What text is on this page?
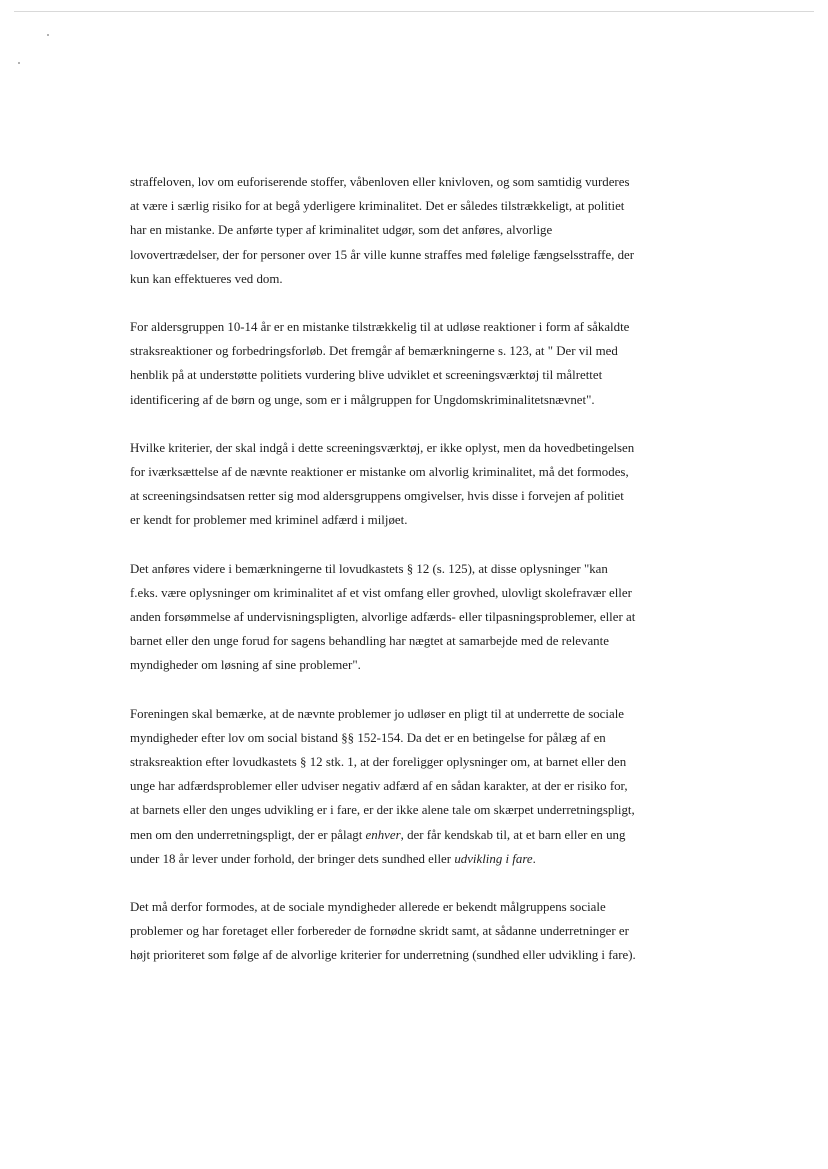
straffeloven, lov om euforiserende stoffer, våbenloven eller knivloven, og som samtidig vurderes
at være i særlig risiko for at begå yderligere kriminalitet. Det er således tilstrækkeligt, at politiet
har en mistanke. De anførte typer af kriminalitet udgør, som det anføres, alvorlige
lovovertrædelser, der for personer over 15 år ville kunne straffes med følelige fængselsstraffe, der
kun kan effektueres ved dom.

For aldersgruppen 10-14 år er en mistanke tilstrækkelig til at udløse reaktioner i form af såkaldte
straksreaktioner og forbedringsforløb. Det fremgår af bemærkningerne s. 123, at " Der vil med
henblik på at understøtte politiets vurdering blive udviklet et screeningsværktøj til målrettet
identificering af de børn og unge, som er i målgruppen for Ungdomskriminalitetsnævnet".

Hvilke kriterier, der skal indgå i dette screeningsværktøj, er ikke oplyst, men da hovedbetingelsen
for iværksættelse af de nævnte reaktioner er mistanke om alvorlig kriminalitet, må det formodes,
at screeningsindsatsen retter sig mod aldersgruppens omgivelser, hvis disse i forvejen af politiet
er kendt for problemer med kriminel adfærd i miljøet.

Det anføres videre i bemærkningerne til lovudkastets § 12 (s. 125), at disse oplysninger "kan
f.eks. være oplysninger om kriminalitet af et vist omfang eller grovhed, ulovligt skolefravær eller
anden forsømmelse af undervisningspligten, alvorlige adfærds- eller tilpasningsproblemer, eller at
barnet eller den unge forud for sagens behandling har nægtet at samarbejde med de relevante
myndigheder om løsning af sine problemer".

Foreningen skal bemærke, at de nævnte problemer jo udløser en pligt til at underrette de sociale
myndigheder efter lov om social bistand §§ 152-154. Da det er en betingelse for pålæg af en
straksreaktion efter lovudkastets § 12 stk. 1, at der foreligger oplysninger om, at barnet eller den
unge har adfærdsproblemer eller udviser negativ adfærd af en sådan karakter, at der er risiko for,
at barnets eller den unges udvikling er i fare, er der ikke alene tale om skærpet underretningspligt,
men om den underretningspligt, der er pålagt enhver, der får kendskab til, at et barn eller en ung
under 18 år lever under forhold, der bringer dets sundhed eller udvikling i fare.

Det må derfor formodes, at de sociale myndigheder allerede er bekendt målgruppens sociale
problemer og har foretaget eller forbereder de fornødne skridt samt, at sådanne underretninger er
højt prioriteret som følge af de alvorlige kriterier for underretning (sundhed eller udvikling i fare).
